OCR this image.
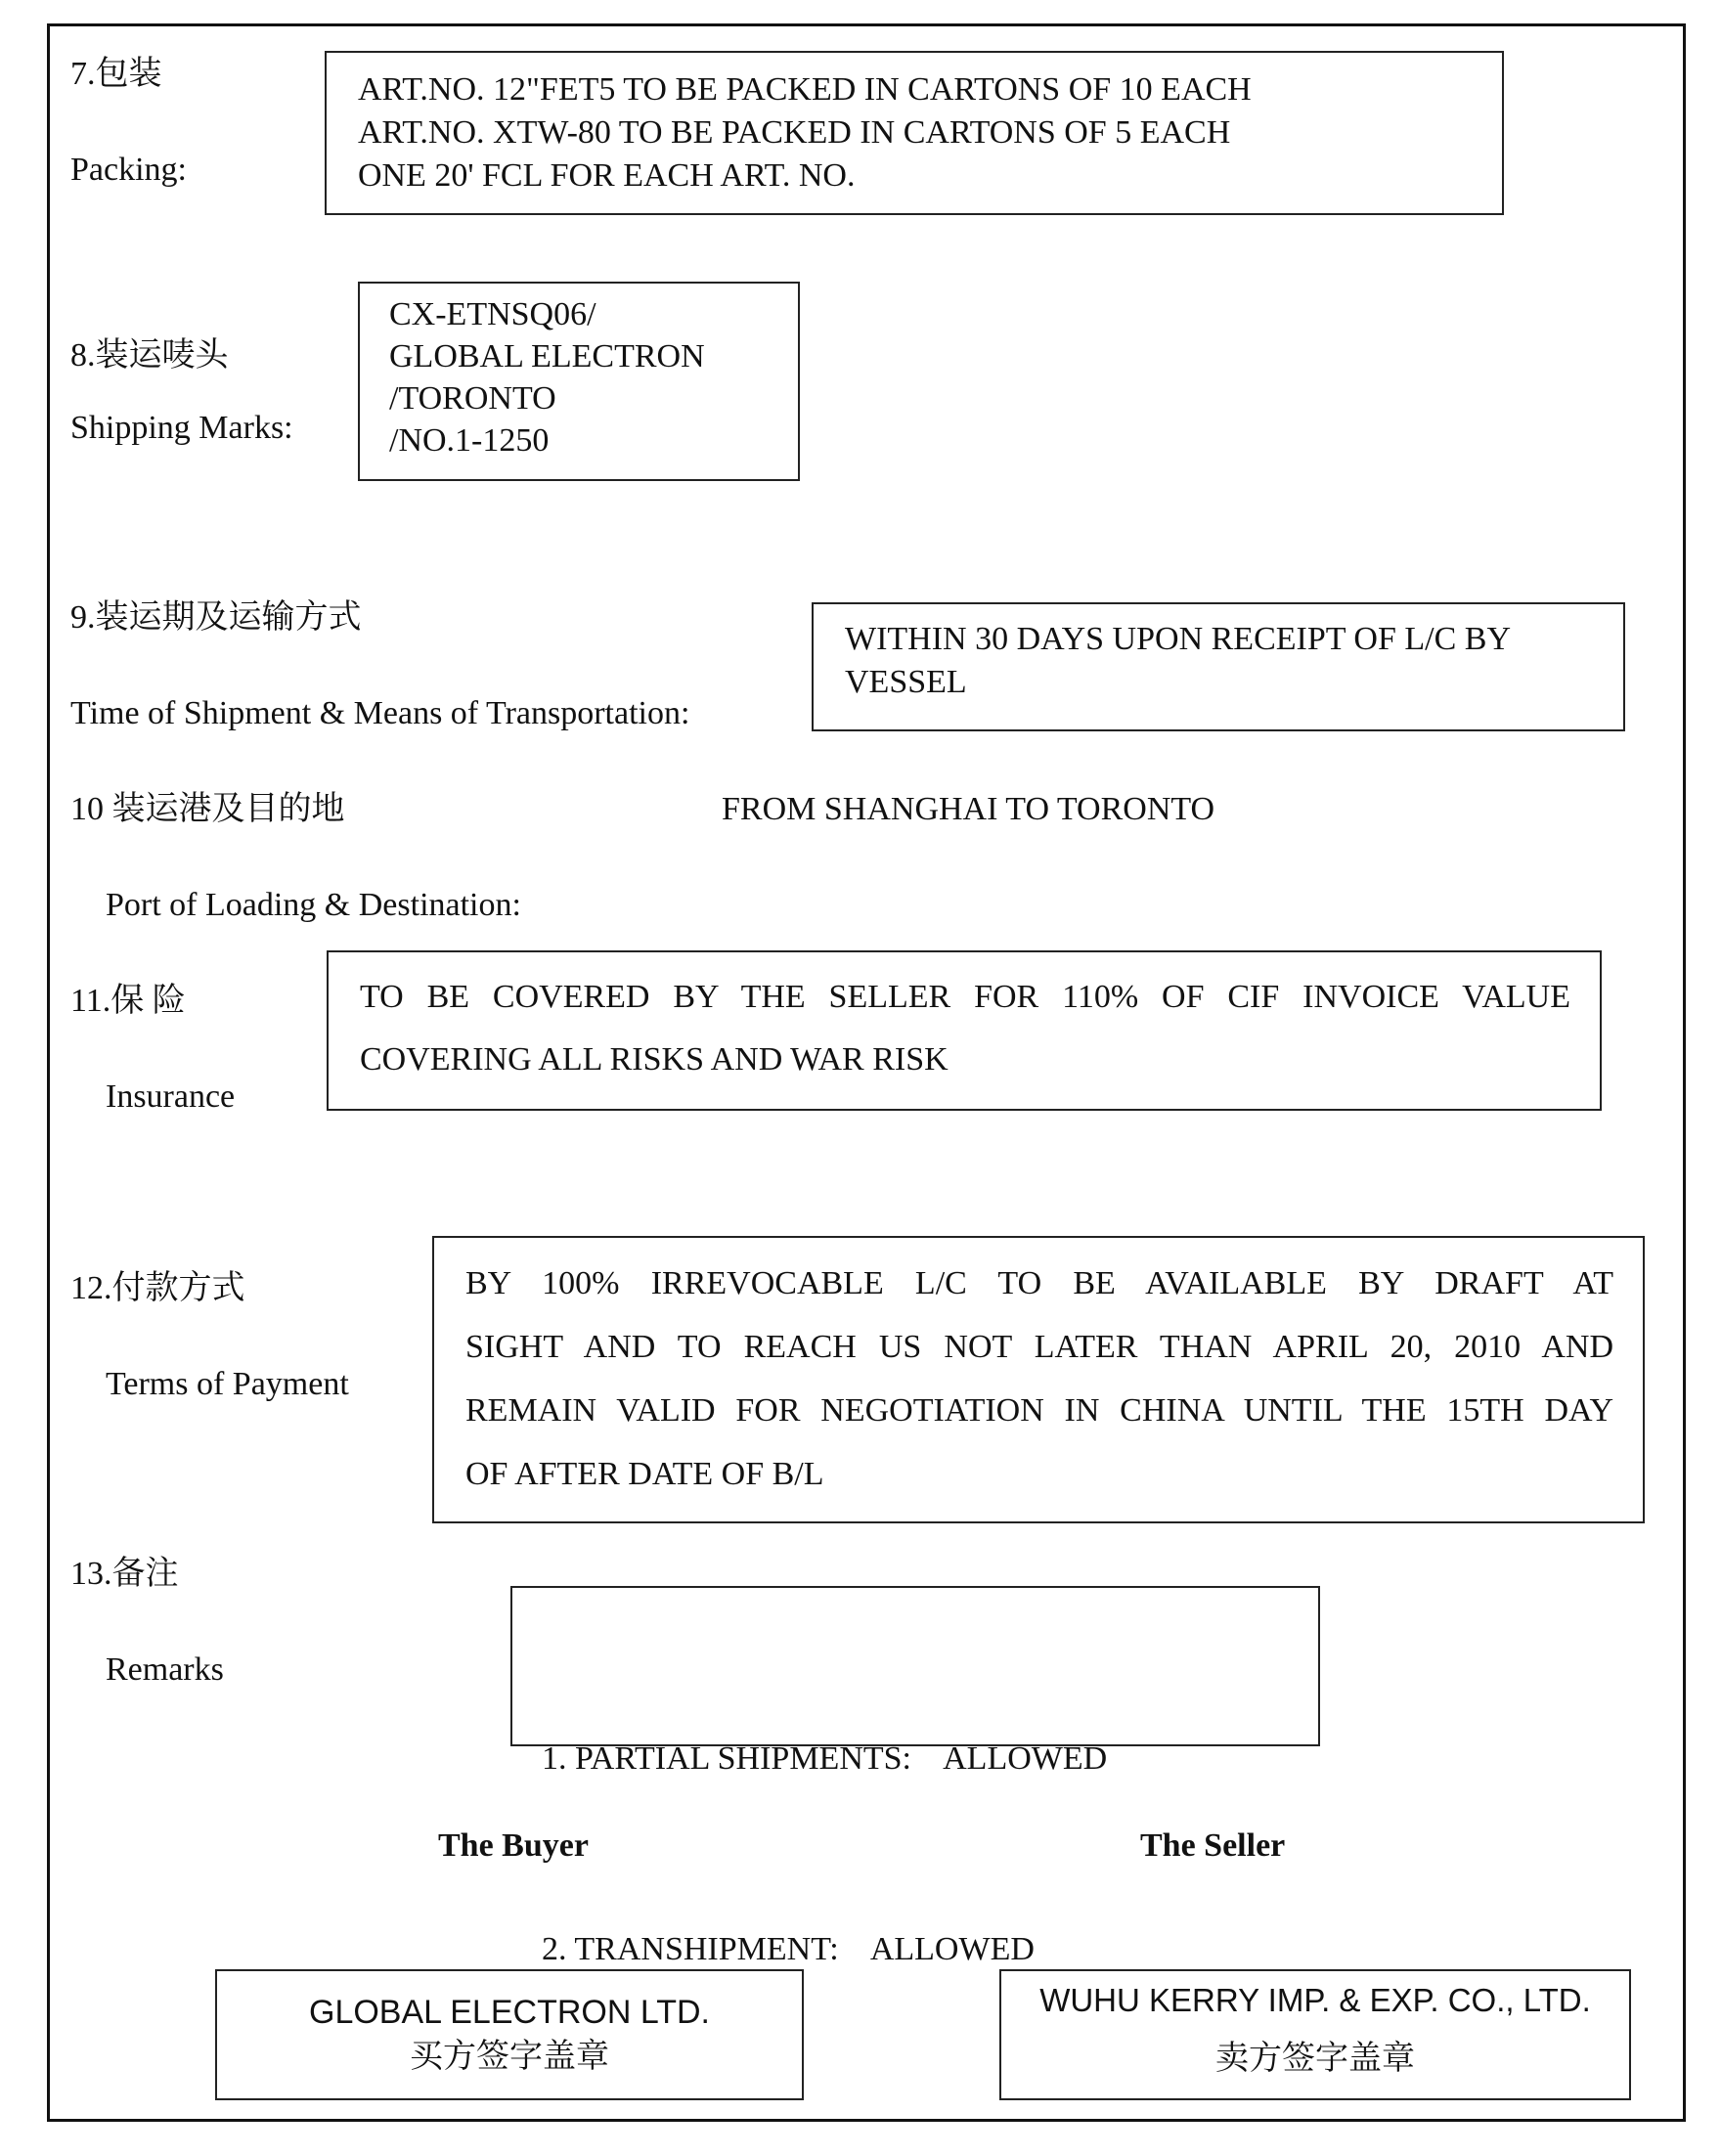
7.包装
Packing:
ART.NO. 12"FET5 TO BE PACKED IN CARTONS OF 10 EACH
ART.NO. XTW-80 TO BE PACKED IN CARTONS OF 5 EACH
ONE 20' FCL FOR EACH ART. NO.
8.装运唛头
Shipping Marks:
CX-ETNSQ06/
GLOBAL ELECTRON
/TORONTO
/NO.1-1250
9.装运期及运输方式
Time of Shipment & Means of Transportation:
WITHIN 30 DAYS UPON RECEIPT OF L/C BY
VESSEL
10 装运港及目的地	FROM SHANGHAI TO TORONTO
Port of Loading & Destination:
11.保 险
Insurance
TO BE COVERED BY THE SELLER FOR 110% OF CIF INVOICE VALUE
COVERING ALL RISKS AND WAR RISK
12.付款方式
Terms of Payment
BY 100% IRREVOCABLE L/C TO BE AVAILABLE BY DRAFT AT
SIGHT AND TO REACH US NOT LATER THAN APRIL 20, 2010 AND
REMAIN VALID FOR NEGOTIATION IN CHINA UNTIL THE 15TH DAY
OF AFTER DATE OF B/L
13.备注
Remarks

1. PARTIAL SHIPMENTS:    ALLOWED

2. TRANSHIPMENT:    ALLOWED

The Buyer	The Seller
GLOBAL ELECTRON LTD.
买方签字盖章
WUHU KERRY IMP. & EXP. CO., LTD.
卖方签字盖章
